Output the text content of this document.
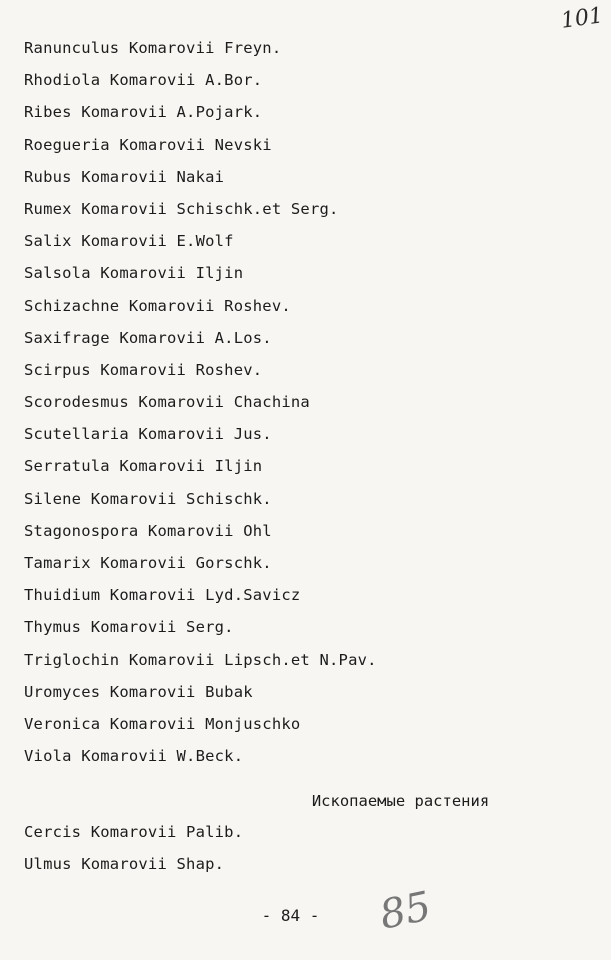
101
Ranunculus Komarovii Freyn.
Rhodiola Komarovii A.Bor.
Ribes Komarovii A.Pojark.
Roegueria Komarovii Nevski
Rubus Komarovii Nakai
Rumex Komarovii Schischk.et Serg.
Salix Komarovii E.Wolf
Salsola Komarovii Iljin
Schizachne Komarovii Roshev.
Saxifrage Komarovii A.Los.
Scirpus Komarovii Roshev.
Scorodesmus Komarovii Chachina
Scutellaria Komarovii Jus.
Serratula Komarovii Iljin
Silene Komarovii Schischk.
Stagonospora Komarovii Ohl
Tamarix Komarovii Gorschk.
Thuidium Komarovii Lyd.Savicz
Thymus Komarovii Serg.
Triglochin Komarovii Lipsch.et N.Pav.
Uromyces Komarovii Bubak
Veronica Komarovii Monjuschko
Viola Komarovii W.Beck.
Ископаемые растения
Cercis Komarovii Palib.
Ulmus Komarovii Shap.
- 84 -	85
